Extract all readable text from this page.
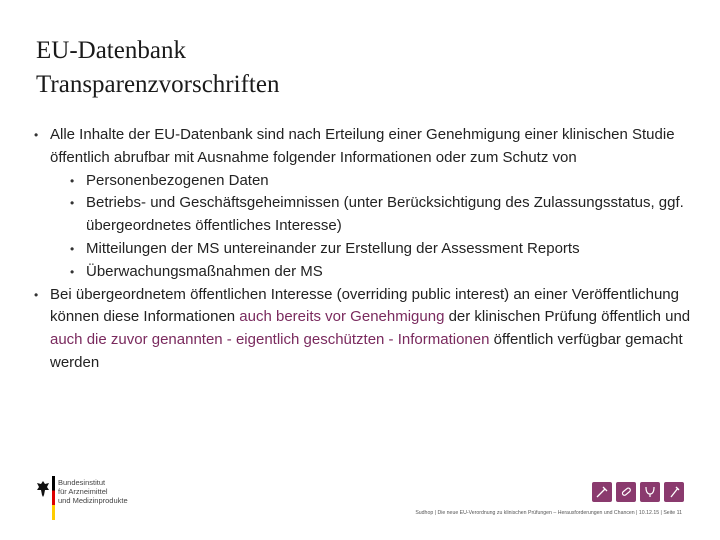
EU-Datenbank
Transparenzvorschriften
• Alle Inhalte der EU-Datenbank sind nach Erteilung einer Genehmigung einer klinischen Studie öffentlich abrufbar mit Ausnahme folgender Informationen oder zum Schutz von
• Personenbezogenen Daten
• Betriebs- und Geschäftsgeheimnissen (unter Berücksichtigung des Zulassungsstatus, ggf. übergeordnetes öffentliches Interesse)
• Mitteilungen der MS untereinander zur Erstellung der Assessment Reports
• Überwachungsmaßnahmen der MS
• Bei übergeordnetem öffentlichen Interesse (overriding public interest) an einer Veröffentlichung können diese Informationen auch bereits vor Genehmigung der klinischen Prüfung öffentlich und auch die zuvor genannten - eigentlich geschützten - Informationen öffentlich verfügbar gemacht werden
Bundesinstitut
für Arzneimittel
und Medizinprodukte
Sudhop | Die neue EU-Verordnung zu klinischen Prüfungen – Herausforderungen und Chancen | 10.12.15 | Seite 11
